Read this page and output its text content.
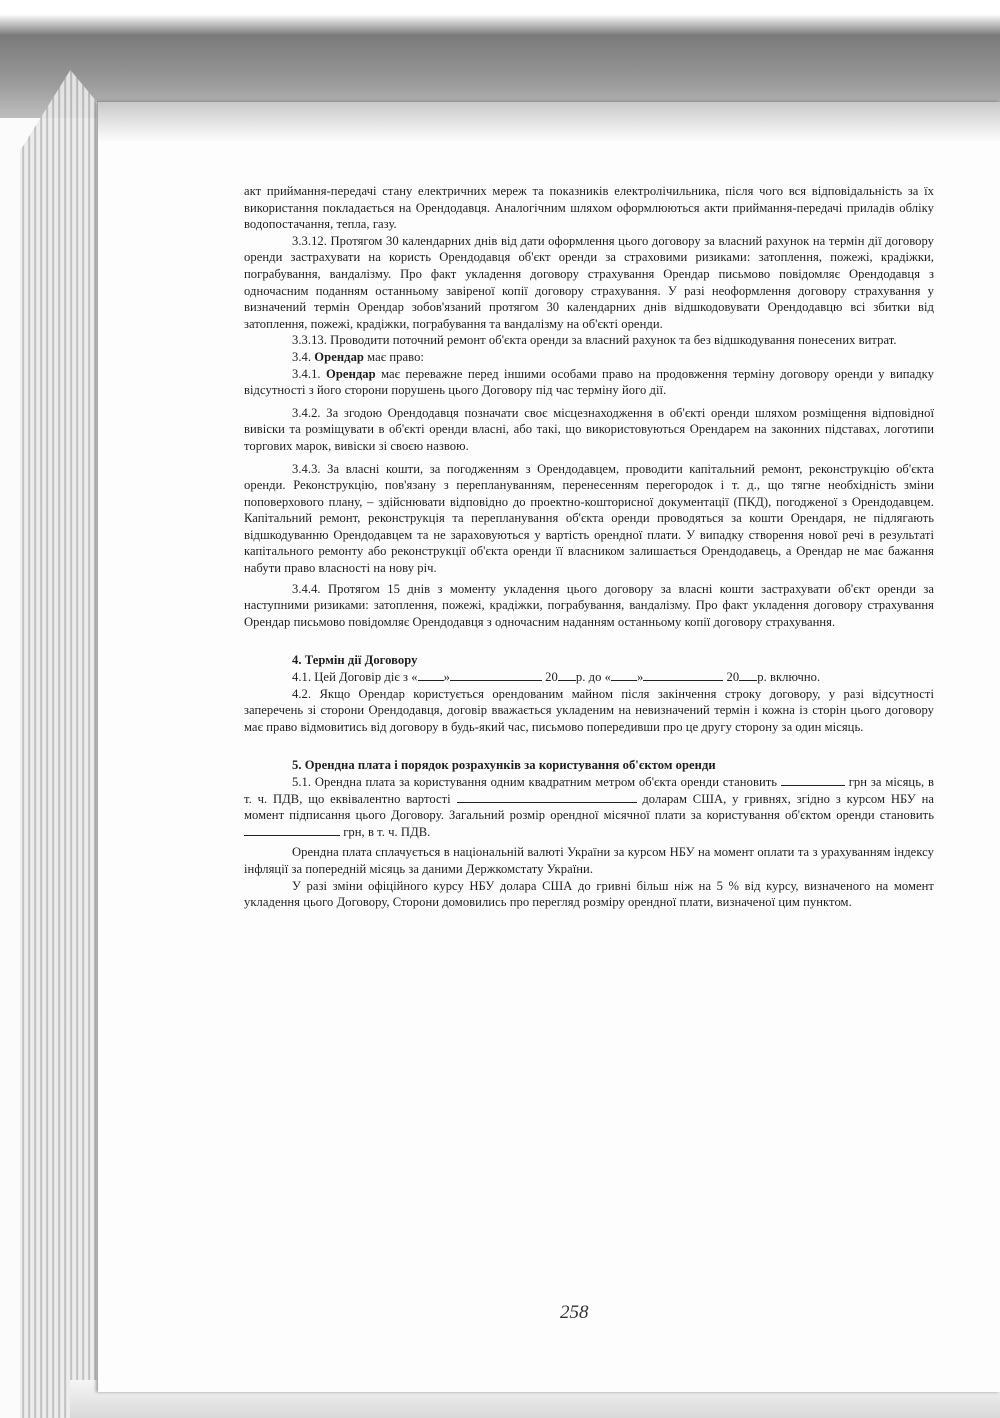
акт приймання-передачі стану електричних мереж та показників електролічильника, після чого вся відповідальність за їх використання покладається на Орендодавця. Аналогічним шляхом оформлюються акти приймання-передачі приладів обліку водопостачання, тепла, газу.

3.3.12. Протягом 30 календарних днів від дати оформлення цього договору за власний рахунок на термін дії договору оренди застрахувати на користь Орендодавця об'єкт оренди за страховими ризиками: затоплення, пожежі, крадіжки, пограбування, вандалізму. Про факт укладення договору страхування Орендар письмово повідомляє Орендодавця з одночасним поданням останньому завіреної копії договору страхування. У разі неоформлення договору страхування у визначений термін Орендар зобов'язаний протягом 30 календарних днів відшкодовувати Орендодавцю всі збитки від затоплення, пожежі, крадіжки, пограбування та вандалізму на об'єкті оренди.

3.3.13. Проводити поточний ремонт об'єкта оренди за власний рахунок та без відшкодування понесених витрат.

3.4. Орендар має право:

3.4.1. Орендар має переважне перед іншими особами право на продовження терміну договору оренди у випадку відсутності з його сторони порушень цього Договору під час терміну його дії.

3.4.2. За згодою Орендодавця позначати своє місцезнаходження в об'єкті оренди шляхом розміщення відповідної вивіски та розміщувати в об'єкті оренди власні, або такі, що використовуються Орендарем на законних підставах, логотипи торгових марок, вивіски зі своєю назвою.

3.4.3. За власні кошти, за погодженням з Орендодавцем, проводити капітальний ремонт, реконструкцію об'єкта оренди. Реконструкцію, пов'язану з переплануванням, перенесенням перегородок і т. д., що тягне необхідність зміни поповерхового плану, – здійснювати відповідно до проектно-кошторисної документації (ПКД), погодженої з Орендодавцем. Капітальний ремонт, реконструкція та перепланування об'єкта оренди проводяться за кошти Орендаря, не підлягають відшкодуванню Орендодавцем та не зараховуються у вартість орендної плати. У випадку створення нової речі в результаті капітального ремонту або реконструкції об'єкта оренди її власником залишається Орендодавець, а Орендар не має бажання набути право власності на нову річ.

3.4.4. Протягом 15 днів з моменту укладення цього договору за власні кошти застрахувати об'єкт оренди за наступними ризиками: затоплення, пожежі, крадіжки, пограбування, вандалізму. Про факт укладення договору страхування Орендар письмово повідомляє Орендодавця з одночасним наданням останньому копії договору страхування.

4. Термін дії Договору

4.1. Цей Договір діє з « »	20 р. до « »	20 р. включно.

4.2. Якщо Орендар користується орендованим майном після закінчення строку договору, у разі відсутності заперечень зі сторони Орендодавця, договір вважається укладеним на невизначений термін і кожна із сторін цього договору має право відмовитись від договору в будь-який час, письмово попередивши про це другу сторону за один місяць.

5. Орендна плата і порядок розрахунків за користування об'єктом оренди

5.1. Орендна плата за користування одним квадратним метром об'єкта оренди становить	грн за місяць, в т. ч. ПДВ, що еквівалентно вартості	доларам США, у гривнях, згідно з курсом НБУ на момент підписання цього Договору. Загальний розмір орендної місячної плати за користування об'єктом оренди становить  грн, в т. ч. ПДВ.

Орендна плата сплачується в національній валюті України за курсом НБУ на момент оплати та з урахуванням індексу інфляції за попередній місяць за даними Держкомстату України.

У разі зміни офіційного курсу НБУ долара США до гривні більш ніж на 5 % від курсу, визначеного на момент укладення цього Договору, Сторони домовились про перегляд розміру орендної плати, визначеної цим пунктом.

258
